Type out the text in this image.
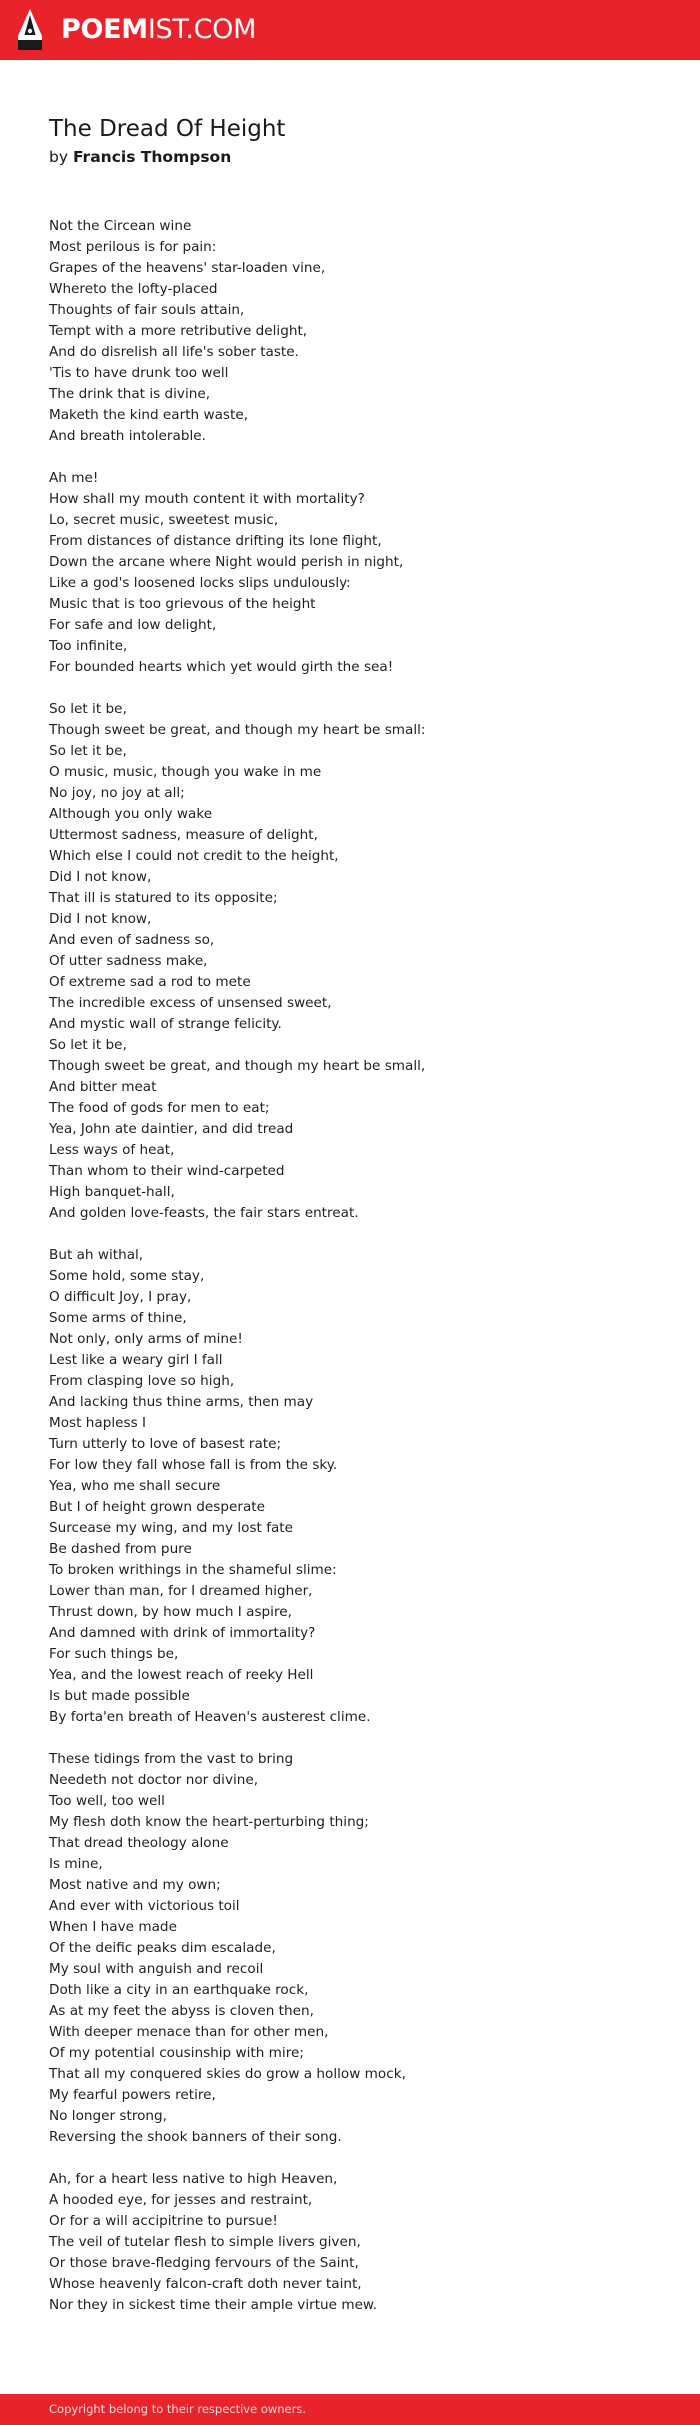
POEMIST.COM
The Dread Of Height
by Francis Thompson
Not the Circean wine
Most perilous is for pain:
Grapes of the heavens' star-loaden vine,
Whereto the lofty-placed
Thoughts of fair souls attain,
Tempt with a more retributive delight,
And do disrelish all life's sober taste.
'Tis to have drunk too well
The drink that is divine,
Maketh the kind earth waste,
And breath intolerable.
Ah me!
How shall my mouth content it with mortality?
Lo, secret music, sweetest music,
From distances of distance drifting its lone flight,
Down the arcane where Night would perish in night,
Like a god's loosened locks slips undulously:
Music that is too grievous of the height
For safe and low delight,
Too infinite,
For bounded hearts which yet would girth the sea!
So let it be,
Though sweet be great, and though my heart be small:
So let it be,
O music, music, though you wake in me
No joy, no joy at all;
Although you only wake
Uttermost sadness, measure of delight,
Which else I could not credit to the height,
Did I not know,
That ill is statured to its opposite;
Did I not know,
And even of sadness so,
Of utter sadness make,
Of extreme sad a rod to mete
The incredible excess of unsensed sweet,
And mystic wall of strange felicity.
So let it be,
Though sweet be great, and though my heart be small,
And bitter meat
The food of gods for men to eat;
Yea, John ate daintier, and did tread
Less ways of heat,
Than whom to their wind-carpeted
High banquet-hall,
And golden love-feasts, the fair stars entreat.
But ah withal,
Some hold, some stay,
O difficult Joy, I pray,
Some arms of thine,
Not only, only arms of mine!
Lest like a weary girl I fall
From clasping love so high,
And lacking thus thine arms, then may
Most hapless I
Turn utterly to love of basest rate;
For low they fall whose fall is from the sky.
Yea, who me shall secure
But I of height grown desperate
Surcease my wing, and my lost fate
Be dashed from pure
To broken writhings in the shameful slime:
Lower than man, for I dreamed higher,
Thrust down, by how much I aspire,
And damned with drink of immortality?
For such things be,
Yea, and the lowest reach of reeky Hell
Is but made possible
By forta'en breath of Heaven's austerest clime.
These tidings from the vast to bring
Needeth not doctor nor divine,
Too well, too well
My flesh doth know the heart-perturbing thing;
That dread theology alone
Is mine,
Most native and my own;
And ever with victorious toil
When I have made
Of the deific peaks dim escalade,
My soul with anguish and recoil
Doth like a city in an earthquake rock,
As at my feet the abyss is cloven then,
With deeper menace than for other men,
Of my potential cousinship with mire;
That all my conquered skies do grow a hollow mock,
My fearful powers retire,
No longer strong,
Reversing the shook banners of their song.
Ah, for a heart less native to high Heaven,
A hooded eye, for jesses and restraint,
Or for a will accipitrine to pursue!
The veil of tutelar flesh to simple livers given,
Or those brave-fledging fervours of the Saint,
Whose heavenly falcon-craft doth never taint,
Nor they in sickest time their ample virtue mew.
Copyright belong to their respective owners.
